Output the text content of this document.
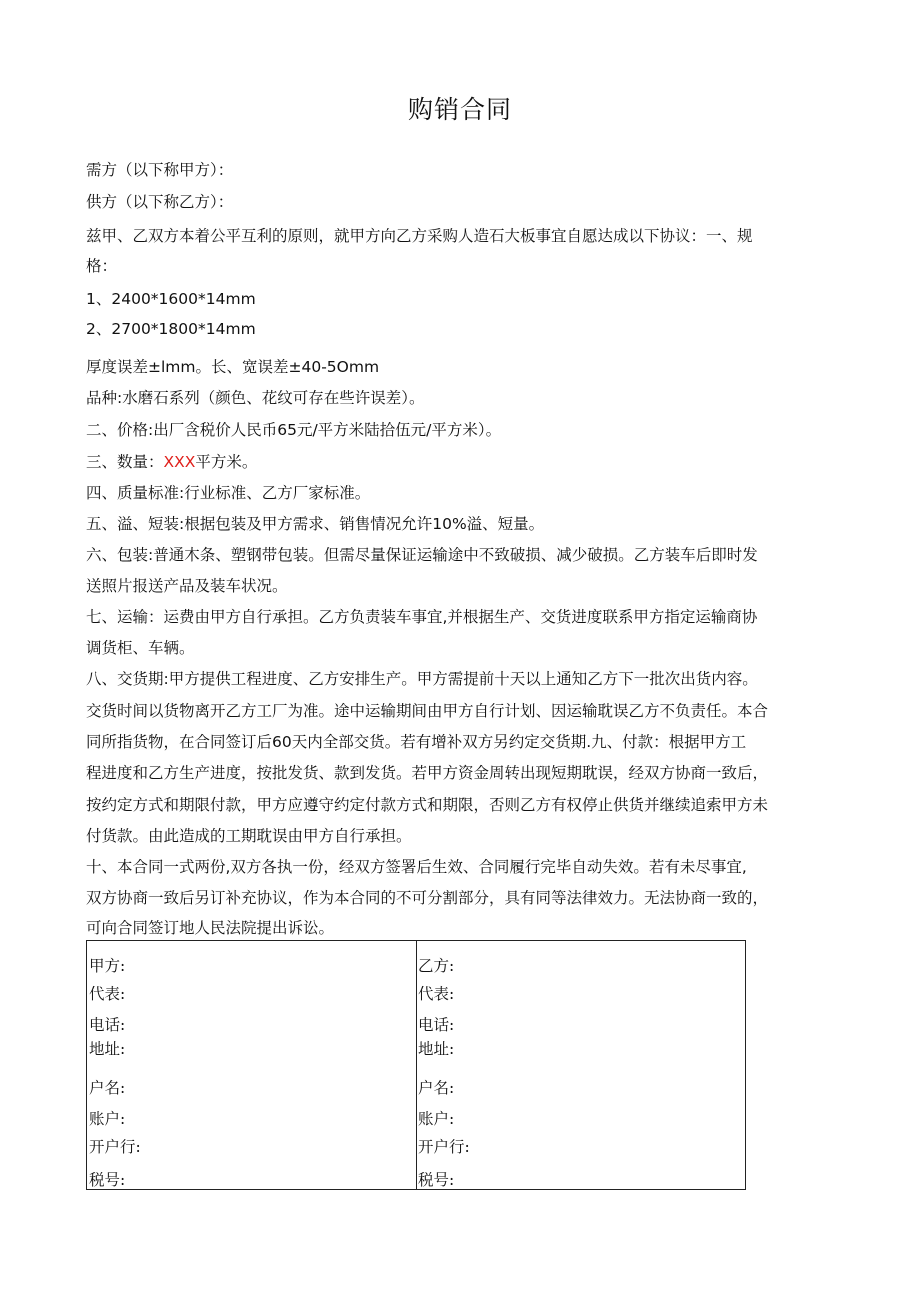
购销合同
需方（以下称甲方）：
供方（以下称乙方）：
兹甲、乙双方本着公平互利的原则，就甲方向乙方采购人造石大板事宜自愿达成以下协议：一、规
格：
1、2400*1600*14mm
2、2700*1800*14mm
厚度误差±lmm。长、宽误差±40-5Omm
品种:水磨石系列（颜色、花纹可存在些许误差）。
二、价格:出厂含税价人民币65元/平方米陆拾伍元/平方米）。
三、数量：XXX平方米。
四、质量标准:行业标准、乙方厂家标准。
五、溢、短装:根据包装及甲方需求、销售情况允许10%溢、短量。
六、包装:普通木条、塑钢带包装。但需尽量保证运输途中不致破损、减少破损。乙方装车后即时发
送照片报送产品及装车状况。
七、运输：运费由甲方自行承担。乙方负责装车事宜,并根据生产、交货进度联系甲方指定运输商协
调货柜、车辆。
八、交货期:甲方提供工程进度、乙方安排生产。甲方需提前十天以上通知乙方下一批次出货内容。
交货时间以货物离开乙方工厂为准。途中运输期间由甲方自行计划、因运输耽误乙方不负责任。本合
同所指货物，在合同签订后60天内全部交货。若有增补双方另约定交货期.九、付款：根据甲方工
程进度和乙方生产进度，按批发货、款到发货。若甲方资金周转出现短期耽误，经双方协商一致后，
按约定方式和期限付款，甲方应遵守约定付款方式和期限，否则乙方有权停止供货并继续追索甲方未
付货款。由此造成的工期耽误由甲方自行承担。
十、本合同一式两份,双方各执一份，经双方签署后生效、合同履行完毕自动失效。若有未尽事宜,
双方协商一致后另订补充协议，作为本合同的不可分割部分，具有同等法律效力。无法协商一致的，
可向合同签订地人民法院提出诉讼。
甲方:
代表:
电话:
地址:
户名:
账户:
开户行:
税号:
乙方:
代表:
电话:
地址:
户名:
账户:
开户行:
税号:
